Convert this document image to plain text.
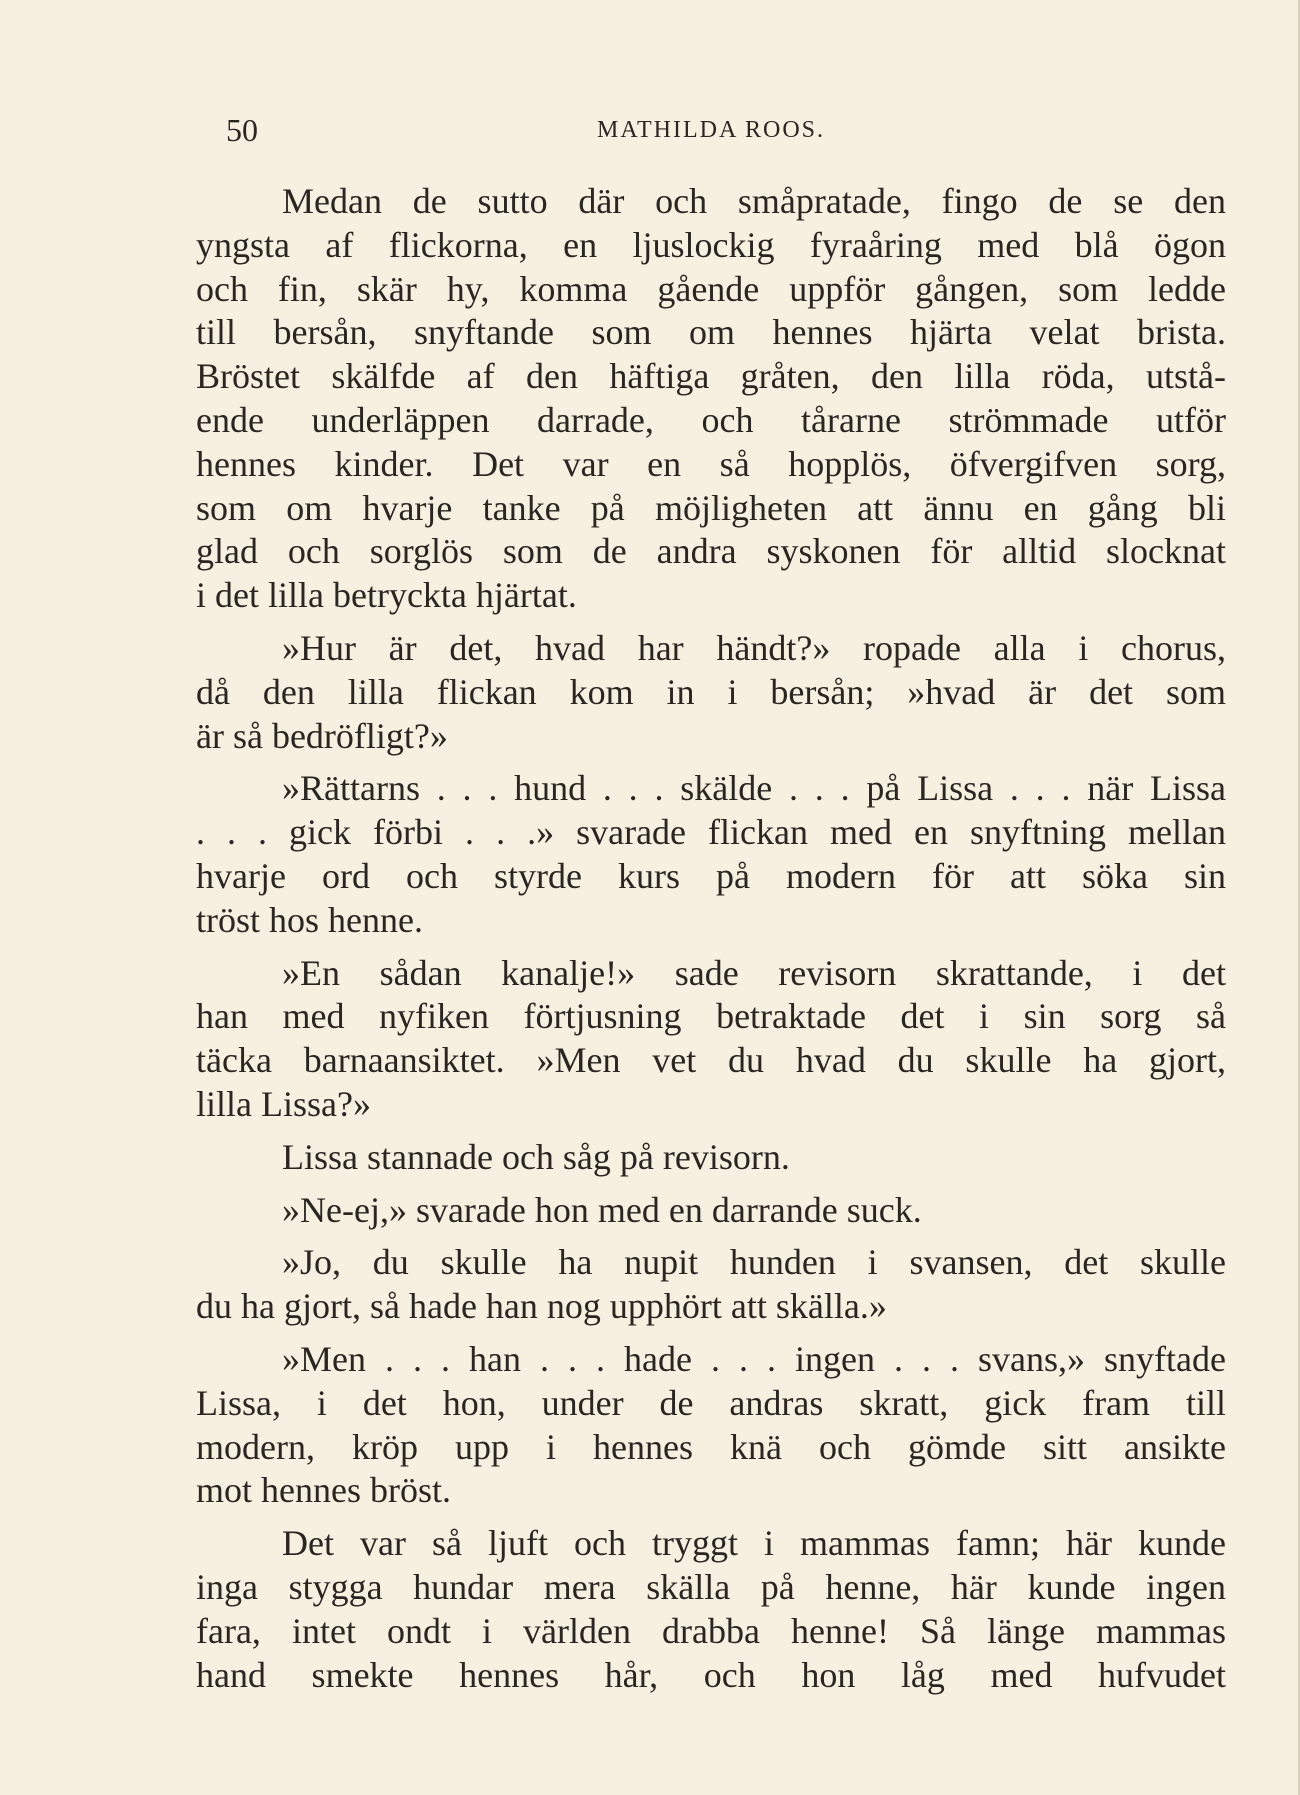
50	MATHILDA ROOS.
Medan de sutto där och småpratade, fingo de se den
yngsta af flickorna, en ljuslockig fyraåring med blå ögon
och fin, skär hy, komma gående uppför gången, som ledde
till bersån, snyftande som om hennes hjärta velat brista.
Bröstet skälfde af den häftiga gråten, den lilla röda, utstå-
ende underläppen darrade, och tårarne strömmade utför
hennes kinder. Det var en så hopplös, öfvergifven sorg,
som om hvarje tanke på möjligheten att ännu en gång bli
glad och sorglös som de andra syskonen för alltid slocknat
i det lilla betryckta hjärtat.
»Hur är det, hvad har händt?» ropade alla i chorus,
då den lilla flickan kom in i bersån; »hvad är det som
är så bedröfligt?»
»Rättarns . . . hund . . . skälde . . . på Lissa . . . när Lissa
. . . gick förbi . . .» svarade flickan med en snyftning mellan
hvarje ord och styrde kurs på modern för att söka sin
tröst hos henne.
»En sådan kanalje!» sade revisorn skrattande, i det
han med nyfiken förtjusning betraktade det i sin sorg så
täcka barnaansiktet. »Men vet du hvad du skulle ha gjort,
lilla Lissa?»
Lissa stannade och såg på revisorn.
»Ne-ej,» svarade hon med en darrande suck.
»Jo, du skulle ha nupit hunden i svansen, det skulle
du ha gjort, så hade han nog upphört att skälla.»
»Men . . . han . . . hade . . . ingen . . . svans,» snyftade
Lissa, i det hon, under de andras skratt, gick fram till
modern, kröp upp i hennes knä och gömde sitt ansikte
mot hennes bröst.
Det var så ljuft och tryggt i mammas famn; här kunde
inga stygga hundar mera skälla på henne, här kunde ingen
fara, intet ondt i världen drabba henne! Så länge mammas
hand smekte hennes hår, och hon låg med hufvudet
